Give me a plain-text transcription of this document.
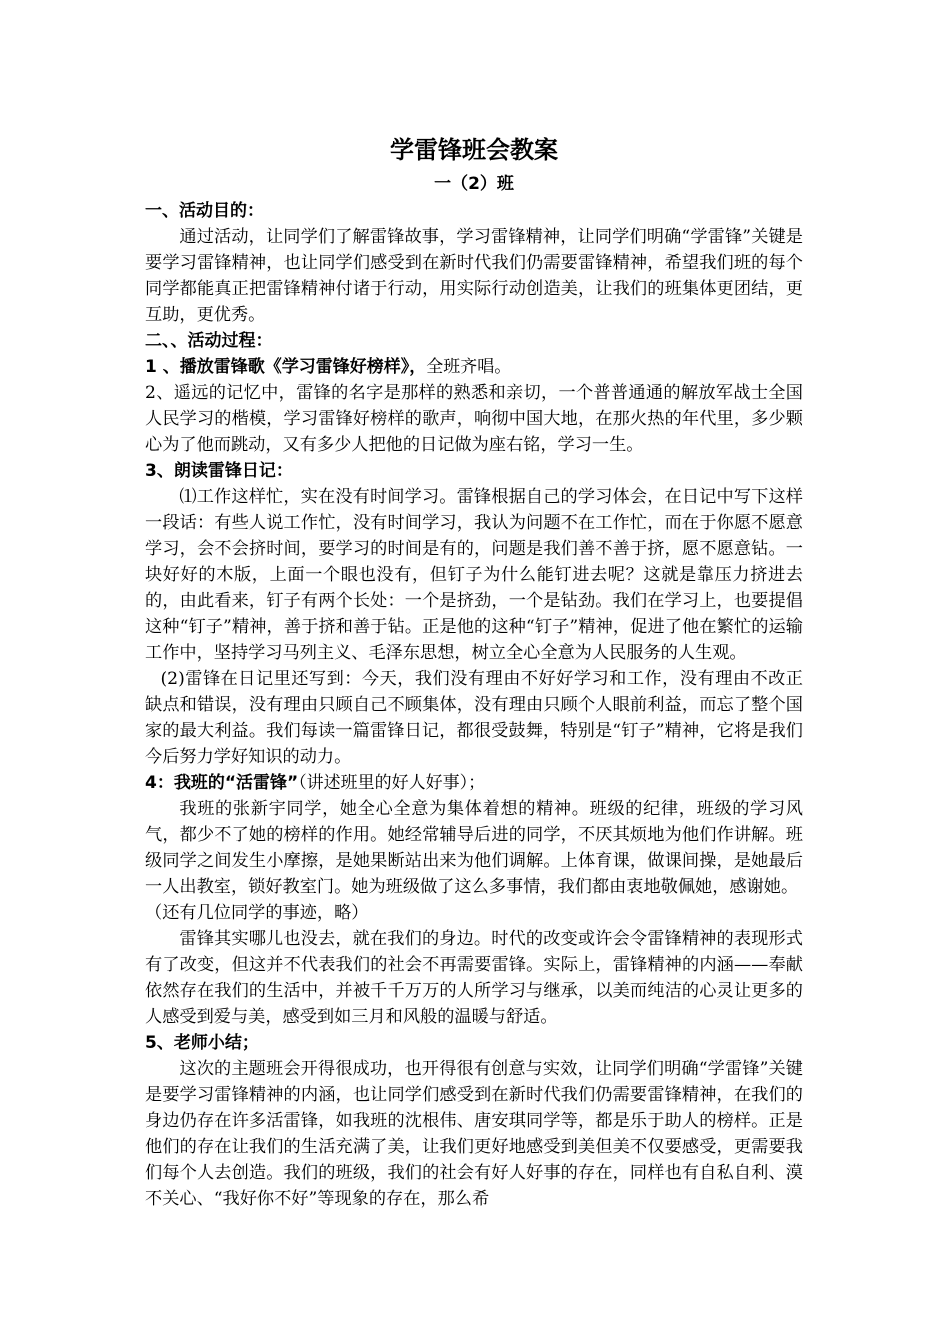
学雷锋班会教案
一（2）班

一、活动目的：

通过活动，让同学们了解雷锋故事，学习雷锋精神，让同学们明确“学雷锋”关键是要学习雷锋精神，也让同学们感受到在新时代我们仍需要雷锋精神，希望我们班的每个同学都能真正把雷锋精神付诸于行动，用实际行动创造美，让我们的班集体更团结，更互助，更优秀。

二、、活动过程：

1 、播放雷锋歌《学习雷锋好榜样》，全班齐唱。

2、遥远的记忆中，雷锋的名字是那样的熟悉和亲切，一个普普通通的解放军战士全国人民学习的楷模，学习雷锋好榜样的歌声，响彻中国大地，在那火热的年代里，多少颗心为了他而跳动，又有多少人把他的日记做为座右铭，学习一生。

3、朗读雷锋日记：

⑴工作这样忙，实在没有时间学习。雷锋根据自己的学习体会，在日记中写下这样一段话：有些人说工作忙，没有时间学习，我认为问题不在工作忙，而在于你愿不愿意学习，会不会挤时间，要学习的时间是有的，问题是我们善不善于挤，愿不愿意钻。一块好好的木版，上面一个眼也没有，但钉子为什么能钉进去呢？这就是靠压力挤进去的，由此看来，钉子有两个长处：一个是挤劲，一个是钻劲。我们在学习上，也要提倡这种“钉子”精神，善于挤和善于钻。正是他的这种“钉子”精神，促进了他在繁忙的运输工作中，坚持学习马列主义、毛泽东思想，树立全心全意为人民服务的人生观。

(2)雷锋在日记里还写到：今天，我们没有理由不好好学习和工作，没有理由不改正缺点和错误，没有理由只顾自己不顾集体，没有理由只顾个人眼前利益，而忘了整个国家的最大利益。我们每读一篇雷锋日记，都很受鼓舞，特别是“钉子”精神，它将是我们今后努力学好知识的动力。

4：我班的“活雷锋”（讲述班里的好人好事）；

我班的张新宇同学，她全心全意为集体着想的精神。班级的纪律，班级的学习风气，都少不了她的榜样的作用。她经常辅导后进的同学，不厌其烦地为他们作讲解。班级同学之间发生小摩擦，是她果断站出来为他们调解。上体育课，做课间操，是她最后一人出教室，锁好教室门。她为班级做了这么多事情，我们都由衷地敬佩她，感谢她。

（还有几位同学的事迹，略）

雷锋其实哪儿也没去，就在我们的身边。时代的改变或许会令雷锋精神的表现形式有了改变，但这并不代表我们的社会不再需要雷锋。实际上，雷锋精神的内涵——奉献依然存在我们的生活中，并被千千万万的人所学习与继承，以美而纯洁的心灵让更多的人感受到爱与美，感受到如三月和风般的温暖与舒适。

5、老师小结；

这次的主题班会开得很成功，也开得很有创意与实效，让同学们明确“学雷锋”关键是要学习雷锋精神的内涵，也让同学们感受到在新时代我们仍需要雷锋精神，在我们的身边仍存在许多活雷锋，如我班的沈根伟、唐安琪同学等，都是乐于助人的榜样。正是他们的存在让我们的生活充满了美，让我们更好地感受到美但美不仅要感受，更需要我们每个人去创造。我们的班级，我们的社会有好人好事的存在，同样也有自私自利、漠不关心、“我好你不好”等现象的存在，那么希
